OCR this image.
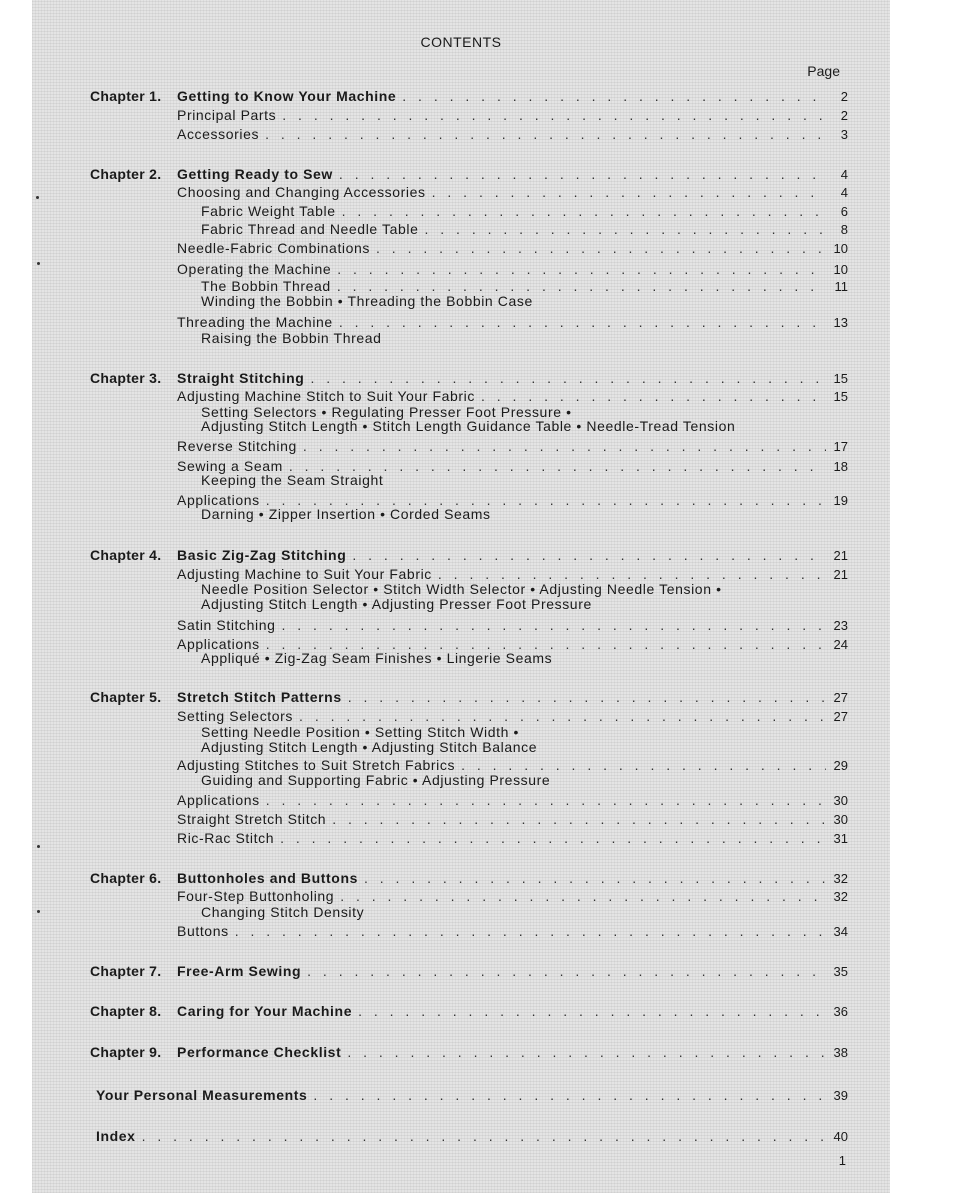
CONTENTS
Page
Chapter 1. Getting to Know Your Machine . . .	2
Principal Parts . . .	2
Accessories . . .	3
Chapter 2. Getting Ready to Sew . . .	4
Choosing and Changing Accessories . . .	4
Fabric Weight Table . . .	6
Fabric Thread and Needle Table . . .	8
Needle-Fabric Combinations . . .	10
Operating the Machine . . .	10
The Bobbin Thread . . .	11
Winding the Bobbin • Threading the Bobbin Case
Threading the Machine . . .	13
Raising the Bobbin Thread
Chapter 3. Straight Stitching . . .	15
Adjusting Machine Stitch to Suit Your Fabric . . .	15
Setting Selectors • Regulating Presser Foot Pressure •
Adjusting Stitch Length • Stitch Length Guidance Table • Needle-Tread Tension
Reverse Stitching . . .	17
Sewing a Seam . . .	18
Keeping the Seam Straight
Applications . . .	19
Darning • Zipper Insertion • Corded Seams
Chapter 4. Basic Zig-Zag Stitching . . .	21
Adjusting Machine to Suit Your Fabric . . .	21
Needle Position Selector • Stitch Width Selector • Adjusting Needle Tension •
Adjusting Stitch Length • Adjusting Presser Foot Pressure
Satin Stitching . . .	23
Applications . . .	24
Appliqué • Zig-Zag Seam Finishes • Lingerie Seams
Chapter 5. Stretch Stitch Patterns . . .	27
Setting Selectors . . .	27
Setting Needle Position • Setting Stitch Width •
Adjusting Stitch Length • Adjusting Stitch Balance
Adjusting Stitches to Suit Stretch Fabrics . . .	29
Guiding and Supporting Fabric • Adjusting Pressure
Applications . . .	30
Straight Stretch Stitch . . .	30
Ric-Rac Stitch . . .	31
Chapter 6. Buttonholes and Buttons . . .	32
Four-Step Buttonholing . . .	32
Changing Stitch Density
Buttons . . .	34
Chapter 7. Free-Arm Sewing . . .	35
Chapter 8. Caring for Your Machine . . .	36
Chapter 9. Performance Checklist . . .	38
Your Personal Measurements . . .	39
Index . . .	40
1
